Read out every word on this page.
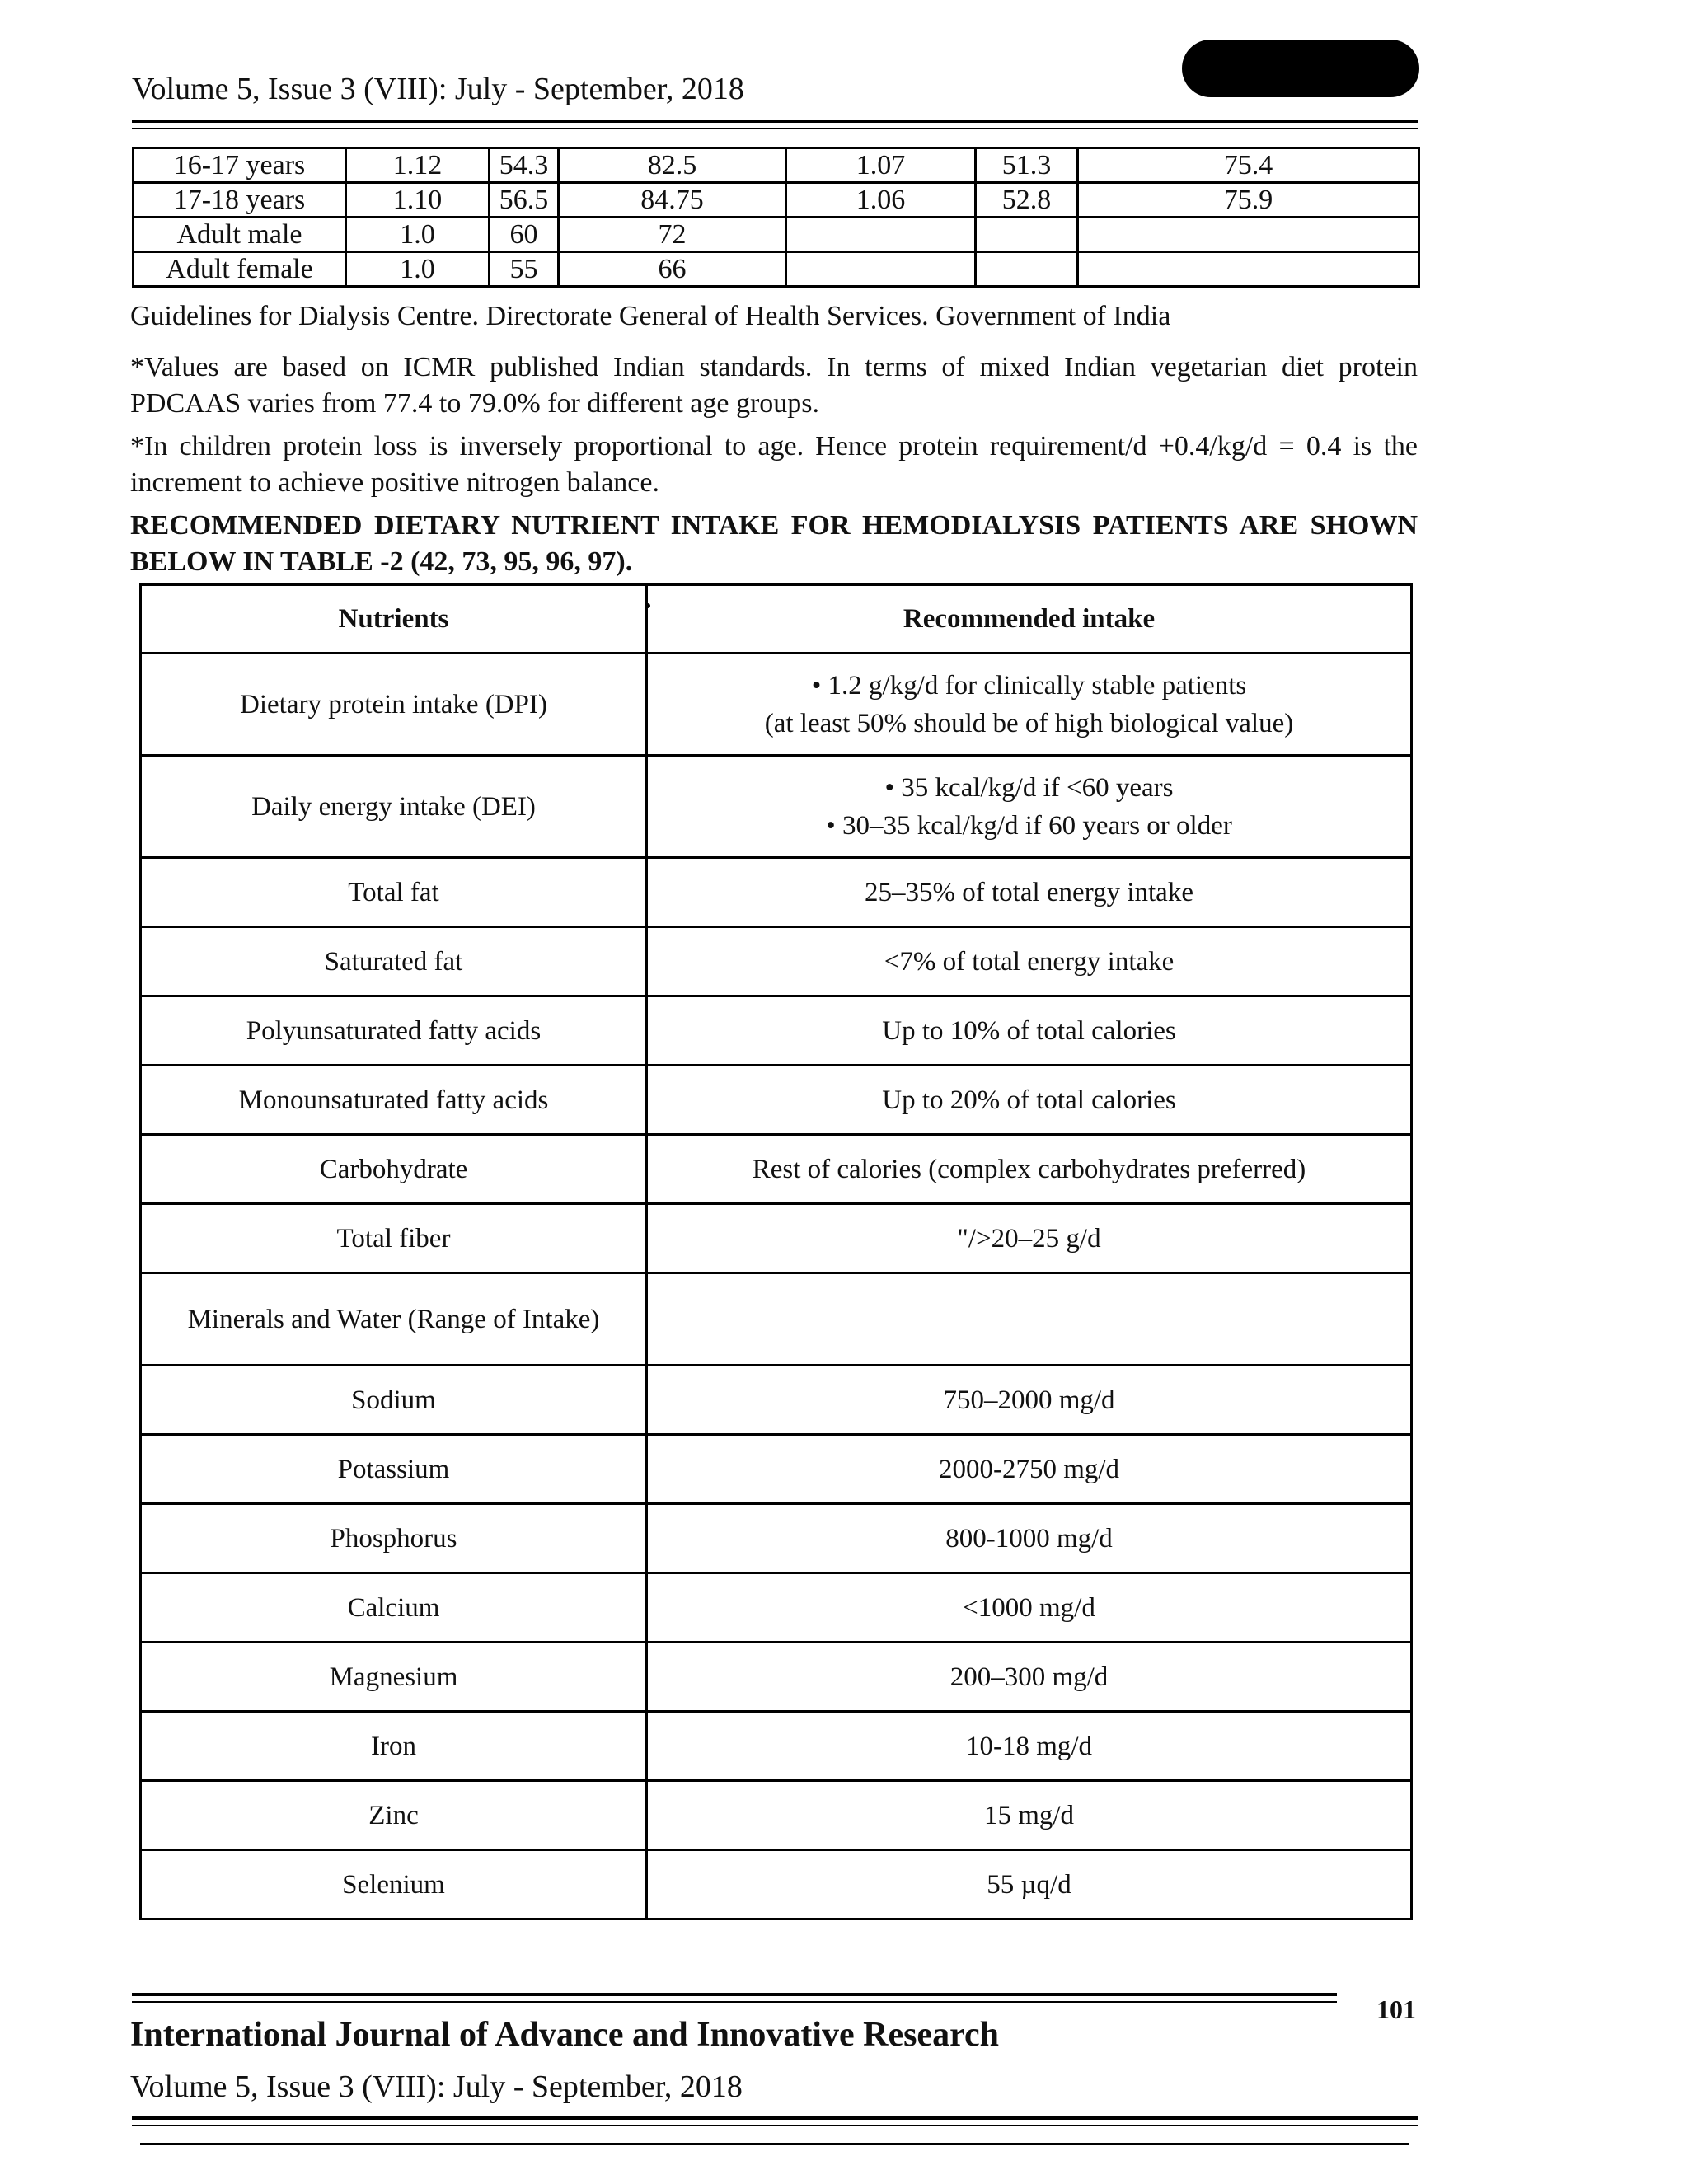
Volume 5, Issue 3 (VIII): July - September, 2018
16-17 years	1.12	54.3	82.5	1.07	51.3	75.4
17-18 years	1.10	56.5	84.75	1.06	52.8	75.9
Adult male	1.0	60	72			
Adult female	1.0	55	66			
Guidelines for Dialysis Centre. Directorate General of Health Services. Government of India
*Values are based on ICMR published Indian standards. In terms of mixed Indian vegetarian diet protein PDCAAS varies from 77.4 to 79.0% for different age groups.
*In children protein loss is inversely proportional to age. Hence protein requirement/d +0.4/kg/d = 0.4 is the increment to achieve positive nitrogen balance.
RECOMMENDED DIETARY NUTRIENT INTAKE FOR HEMODIALYSIS PATIENTS ARE SHOWN BELOW IN TABLE -2 (42, 73, 95, 96, 97).
Nutrients	Recommended intake
Dietary protein intake (DPI)	• 1.2 g/kg/d for clinically stable patients
(at least 50% should be of high biological value)

Daily energy intake (DEI)	• 35 kcal/kg/d if <60 years
• 30–35 kcal/kg/d if 60 years or older

Total fat	25–35% of total energy intake

Saturated fat	<7% of total energy intake

Polyunsaturated fatty acids	Up to 10% of total calories

Monounsaturated fatty acids	Up to 20% of total calories

Carbohydrate	Rest of calories (complex carbohydrates preferred)

Total fiber	"/>20–25 g/d

Minerals and Water (Range of Intake)	

Sodium	750–2000 mg/d

Potassium	2000-2750 mg/d

Phosphorus	800-1000 mg/d

Calcium	<1000 mg/d

Magnesium	200–300 mg/d

Iron	10-18 mg/d

Zinc	15 mg/d

Selenium	55 µq/d
101
International Journal of Advance and Innovative Research
Volume 5, Issue 3 (VIII): July - September, 2018
